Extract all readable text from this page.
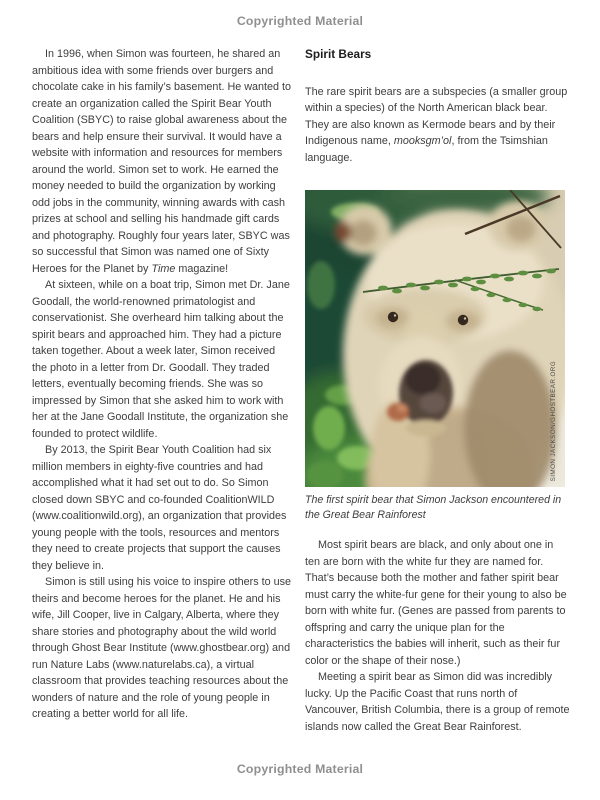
Copyrighted Material

In 1996, when Simon was fourteen, he shared an ambitious idea with some friends over burgers and chocolate cake in his family’s basement. He wanted to create an organization called the Spirit Bear Youth Coalition (SBYC) to raise global awareness about the bears and help ensure their survival. It would have a website with information and resources for members around the world. Simon set to work. He earned the money needed to build the organization by working odd jobs in the community, winning awards with cash prizes at school and selling his handmade gift cards and photography. Roughly four years later, SBYC was so successful that Simon was named one of Sixty Heroes for the Planet by Time magazine!

At sixteen, while on a boat trip, Simon met Dr. Jane Goodall, the world-renowned primatologist and conservationist. She overheard him talking about the spirit bears and approached him. They had a picture taken together. About a week later, Simon received the photo in a letter from Dr. Goodall. They traded letters, eventually becoming friends. She was so impressed by Simon that she asked him to work with her at the Jane Goodall Institute, the organization she founded to protect wildlife.

By 2013, the Spirit Bear Youth Coalition had six million members in eighty-five countries and had accomplished what it had set out to do. So Simon closed down SBYC and co-founded CoalitionWILD (www.coalitionwild.org), an organization that provides young people with the tools, resources and mentors they need to create projects that support the causes they believe in.

Simon is still using his voice to inspire others to use theirs and become heroes for the planet. He and his wife, Jill Cooper, live in Calgary, Alberta, where they share stories and photography about the wild world through Ghost Bear Institute (www.ghostbear.org) and run Nature Labs (www.naturelabs.ca), a virtual classroom that provides teaching resources about the wonders of nature and the role of young people in creating a better world for all life.

Spirit Bears

The rare spirit bears are a subspecies (a smaller group within a species) of the North American black bear. They are also known as Kermode bears and by their Indigenous name, mooksgm’ol, from the Tsimshian language.

SIMON JACKSON/GHOSTBEAR.ORG

The first spirit bear that Simon Jackson encountered in the Great Bear Rainforest

Most spirit bears are black, and only about one in ten are born with the white fur they are named for. That’s because both the mother and father spirit bear must carry the white-fur gene for their young to also be born with white fur. (Genes are passed from parents to offspring and carry the unique plan for the characteristics the babies will inherit, such as their fur color or the shape of their nose.)

Meeting a spirit bear as Simon did was incredibly lucky. Up the Pacific Coast that runs north of Vancouver, British Columbia, there is a group of remote islands now called the Great Bear Rainforest.

Copyrighted Material
